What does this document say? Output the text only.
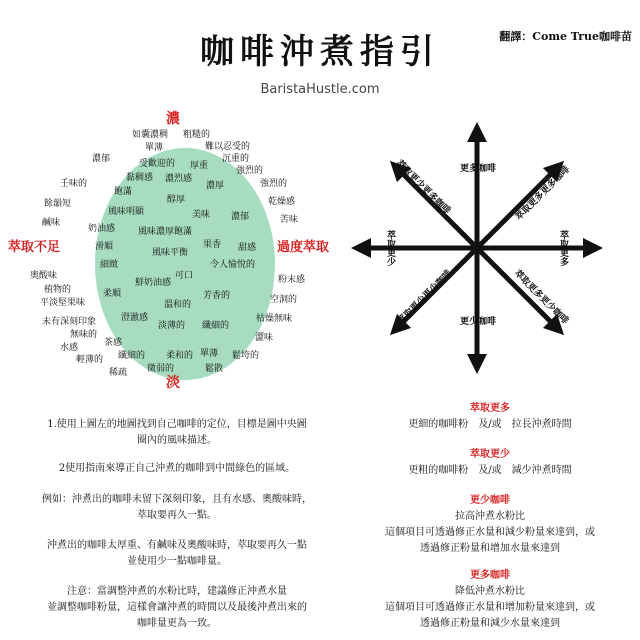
咖啡沖煮指引	翻譯：Come True咖啡苗
BaristaHustle.com
濃
淡
萃取不足	過度萃取
如囊濃稠 粗糙的
單薄	難以忍受的
濃郁	沉重的
強烈的
壬味的	強烈的
乾燥感
餘韻短
苦味
鹹味
奧酸味	粉末感
植物的
空洞的
平淡堅果味
枯燥無味
未有深刻印象
澀味
無味的
茶感
水感
單薄
輕薄的 纖細的 柔和的	鬆垮的
稀疏 微弱的	鬆散
受歡迎的 厚重
黏稠感 濃烈感
濃厚
飽滿
醇厚
風味明顯	美味 濃郁
奶油感	風味濃厚飽滿
滑順	果香 甜感
風味平衡
令人愉悅的
細緻
鮮奶油感
可口
柔順
溫和的
芳香的
澄澈感
淡薄的 纖細的
更多咖啡
更少咖啡
萃取更少	萃取更多
萃取更少更多咖啡	萃取更多更多咖啡
萃取更少更少咖啡	萃取更多更少咖啡
1.使用上圖左的地圖找到自己咖啡的定位，目標是圖中央圖
圈內的風味描述。
2使用指南來導正自己沖煮的咖啡到中間綠色的區域。
例如：沖煮出的咖啡未留下深刻印象，且有水感、奧酸味時，
萃取要再久一點。
沖煮出的咖啡太厚重、有鹹味及奧酸味時，萃取要再久一點
並使用少一點咖啡量。
注意：當調整沖煮的水粉比時，建議修正沖煮水量
並調整咖啡粉量，這樣會讓沖煮的時間以及最後沖煮出來的
咖啡量更為一致。
萃取更多
更細的咖啡粉　及/或　拉長沖煮時間
萃取更少
更粗的咖啡粉　及/或　減少沖煮時間
更少咖啡
拉高沖煮水粉比
這個項目可透過修正水量和減少粉量來達到，或
透過修正粉量和增加水量來達到
更多咖啡
降低沖煮水粉比
這個項目可透過修正水量和增加粉量來達到，或
透過修正粉量和減少水量來達到
